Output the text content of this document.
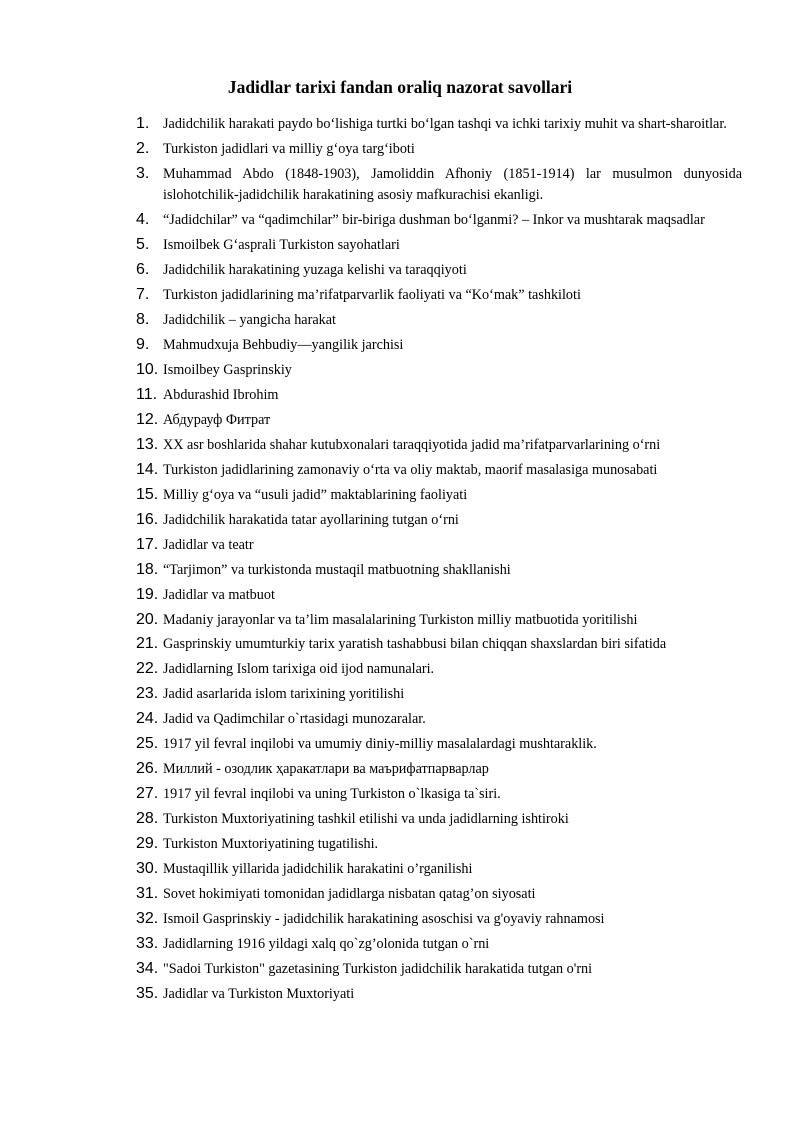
Jadidlar tarixi fandan oraliq nazorat savollari
1. Jadidchilik harakati paydo bo‘lishiga turtki bo‘lgan tashqi va ichki tarixiy muhit va shart-sharoitlar.
2. Turkiston jadidlari va milliy g‘oya targ‘iboti
3. Muhammad Abdo (1848-1903), Jamoliddin Afhoniy (1851-1914) lar musulmon dunyosida islohotchilik-jadidchilik harakatining asosiy mafkurachisi ekanligi.
4. “Jadidchilar” va “qadimchilar” bir-biriga dushman bo‘lganmi? – Inkor va mushtarak maqsadlar
5. Ismoilbek G‘asprali Turkiston sayohatlari
6. Jadidchilik harakatining yuzaga kelishi va taraqqiyoti
7. Turkiston jadidlarining ma’rifatparvarlik faoliyati va “Ko‘mak” tashkiloti
8. Jadidchilik – yangicha harakat
9. Mahmudxuja Behbudiy—yangilik jarchisi
10. Ismoilbey Gasprinskiy
11. Abdurashid Ibrohim
12. Абдурауф Фитрат
13. XX asr boshlarida shahar kutubxonalari taraqqiyotida jadid ma’rifatparvarlarining o‘rni
14. Turkiston jadidlarining zamonaviy o‘rta va oliy maktab, maorif masalasiga munosabati
15. Milliy g‘oya va “usuli jadid” maktablarining faoliyati
16. Jadidchilik harakatida tatar ayollarining tutgan o‘rni
17. Jadidlar va teatr
18. “Tarjimon” va turkistonda mustaqil matbuotning shakllanishi
19. Jadidlar va matbuot
20. Madaniy jarayonlar va ta’lim masalalarining Turkiston milliy matbuotida yoritilishi
21. Gasprinskiy umumturkiy tarix yaratish tashabbusi bilan chiqqan shaxslardan biri sifatida
22. Jadidlarning Islom tarixiga oid ijod namunalari.
23. Jadid asarlarida islom tarixining yoritilishi
24. Jadid va Qadimchilar o`rtasidagi munozaralar.
25. 1917 yil fevral inqilobi va umumiy diniy-milliy masalalardagi mushtaraklik.
26. Миллий - озодлик ҳаракатлари ва маърифатпарварлар
27. 1917 yil fevral inqilobi va uning Turkiston o`lkasiga ta`siri.
28. Turkiston Muxtoriyatining tashkil etilishi va unda jadidlarning ishtiroki
29. Turkiston Muxtoriyatining tugatilishi.
30. Mustaqillik yillarida jadidchilik harakatini o’rganilishi
31. Sovet hokimiyati tomonidan jadidlarga nisbatan qatag’on siyosati
32. Ismoil Gasprinskiy - jadidchilik harakatining asoschisi va g'oyaviy rahnamosi
33. Jadidlarning 1916 yildagi xalq qo`zg’olonida tutgan o`rni
34. "Sadoi Turkiston" gazetasining Turkiston jadidchilik harakatida tutgan o'rni
35. Jadidlar va Turkiston Muxtoriyati
